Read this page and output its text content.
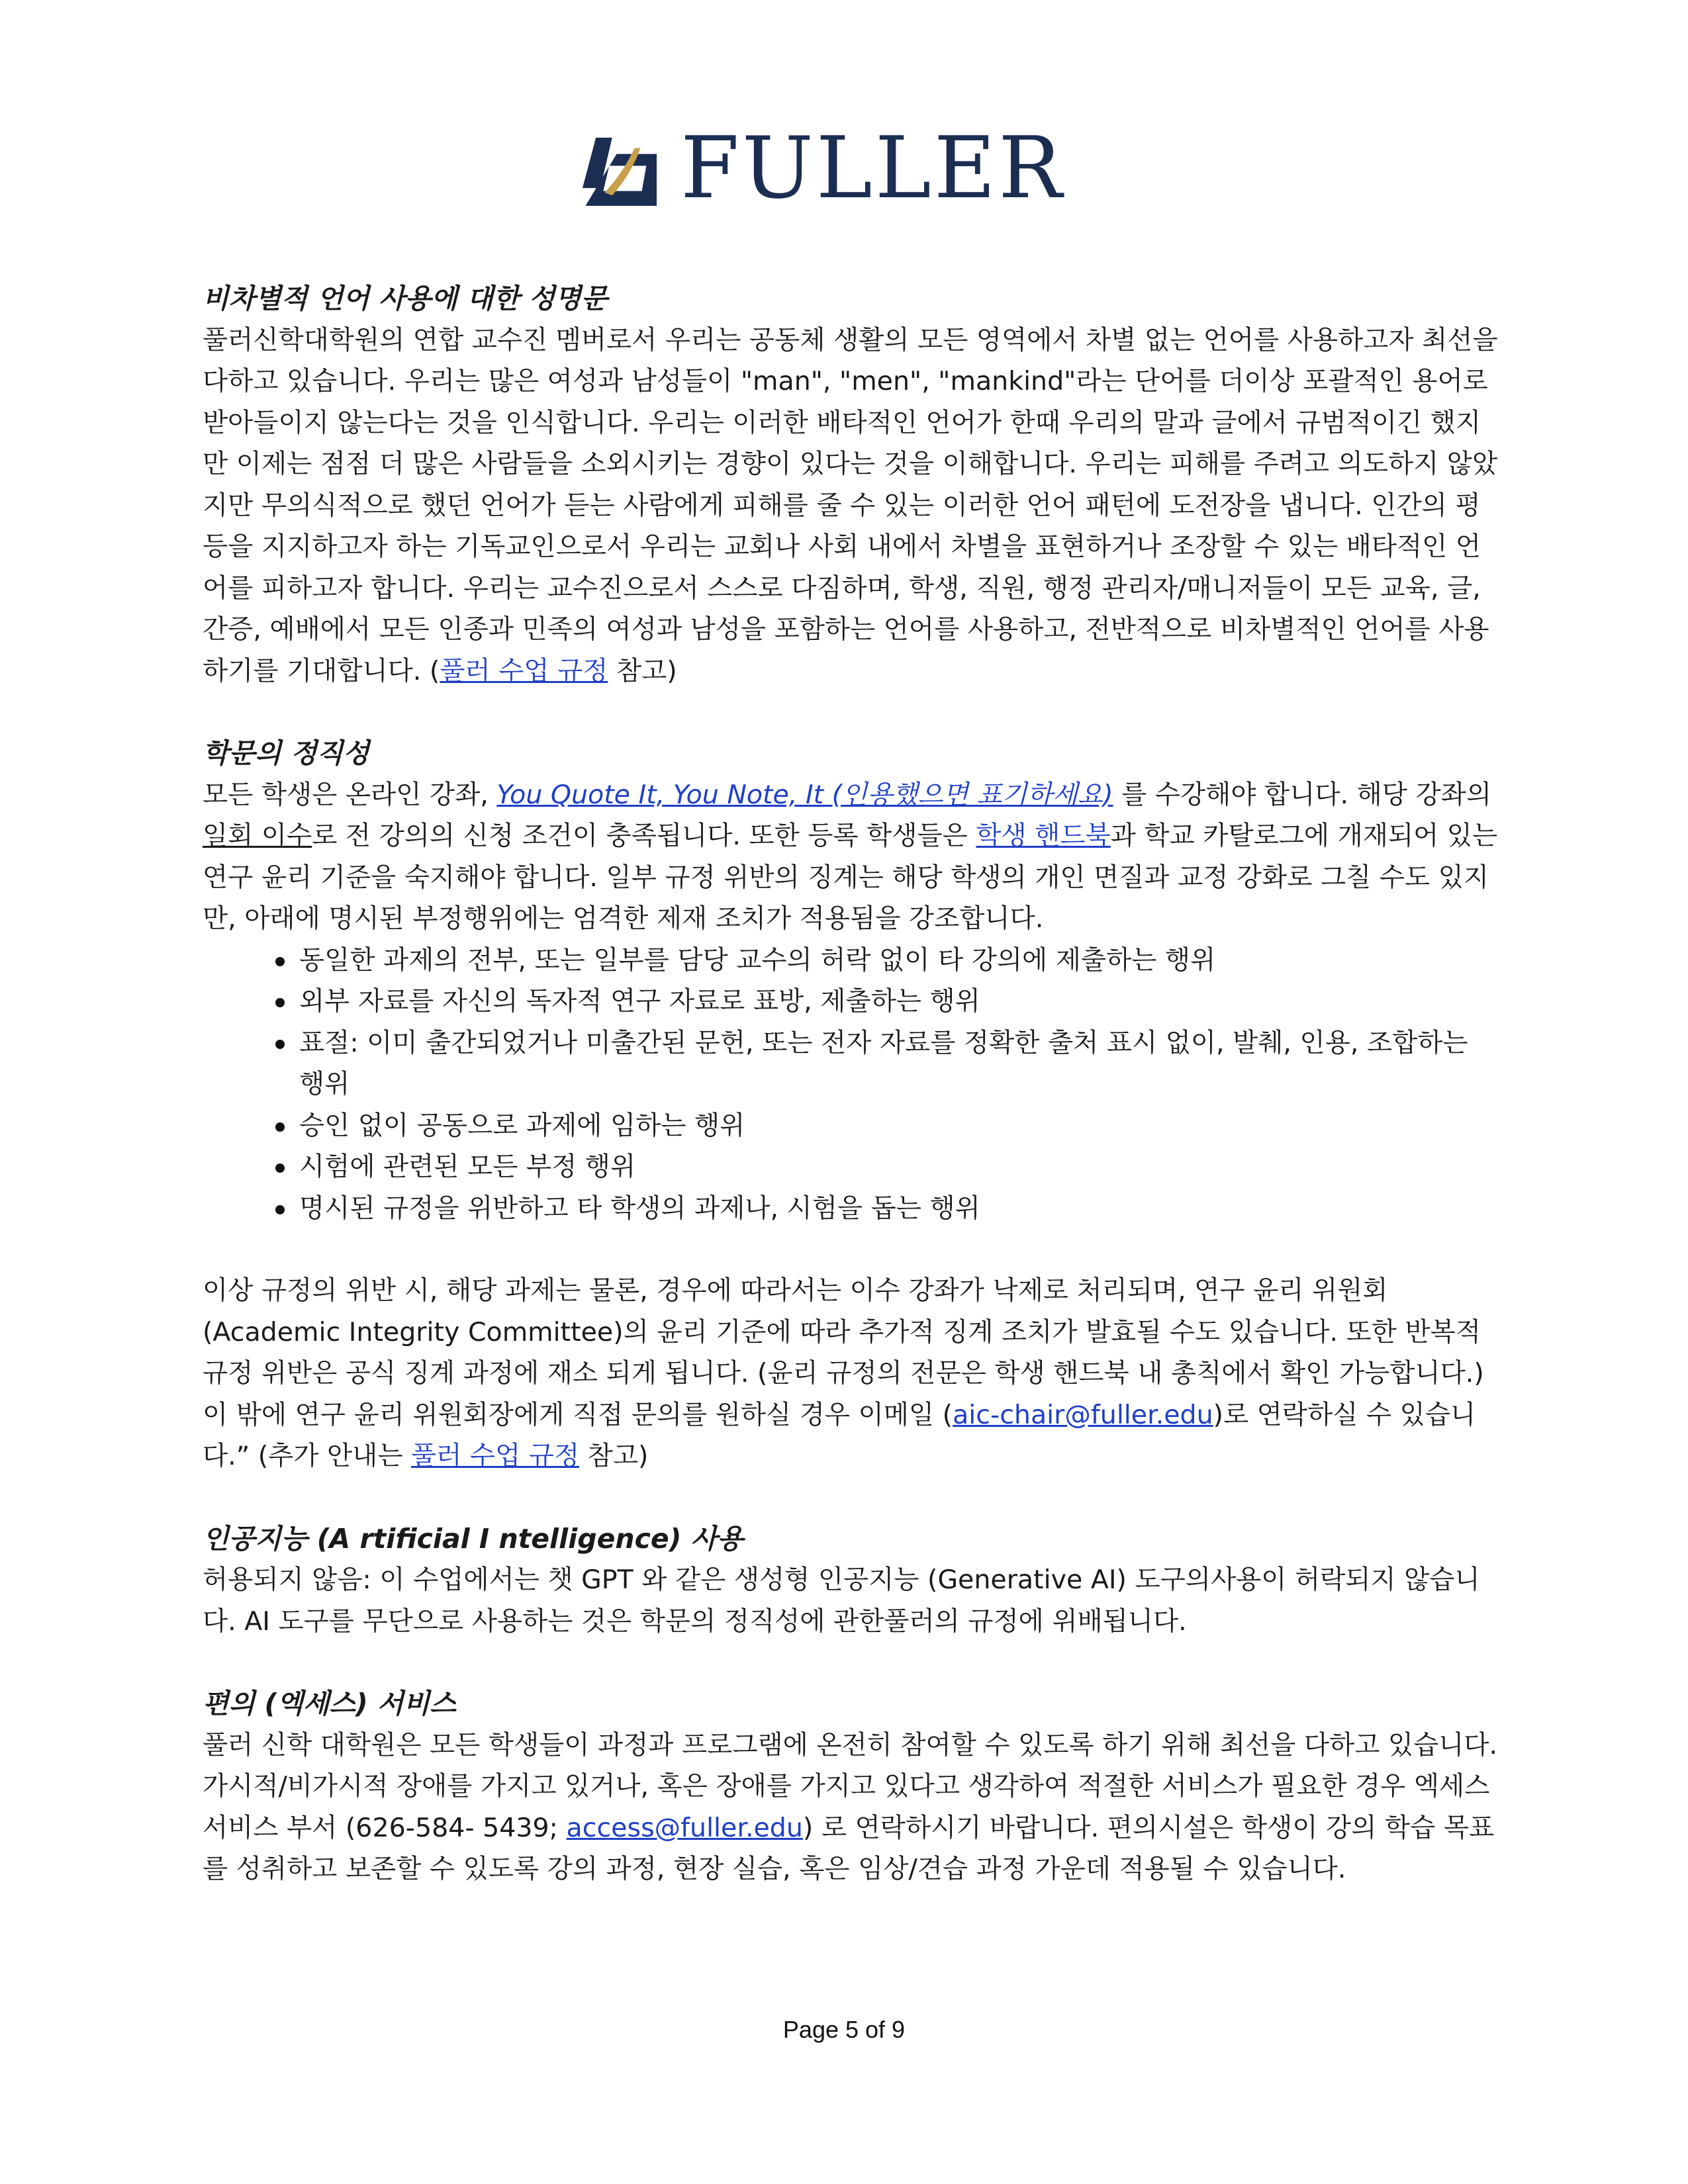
FULLER
비차별적 언어 사용에 대한 성명문

풀러신학대학원의 연합 교수진 멤버로서 우리는 공동체 생활의 모든 영역에서 차별 없는 언어를 사용하고자 최선을 다하고 있습니다. 우리는 많은 여성과 남성들이 "man", "men", "mankind"라는 단어를 더이상 포괄적인 용어로 받아들이지 않는다는 것을 인식합니다. 우리는 이러한 배타적인 언어가 한때 우리의 말과 글에서 규범적이긴 했지만 이제는 점점 더 많은 사람들을 소외시키는 경향이 있다는 것을 이해합니다. 우리는 피해를 주려고 의도하지 않았지만 무의식적으로 했던 언어가 듣는 사람에게 피해를 줄 수 있는 이러한 언어 패턴에 도전장을 냅니다. 인간의 평등을 지지하고자 하는 기독교인으로서 우리는 교회나 사회 내에서 차별을 표현하거나 조장할 수 있는 배타적인 언어를 피하고자 합니다. 우리는 교수진으로서 스스로 다짐하며, 학생, 직원, 행정 관리자/매니저들이 모든 교육, 글, 간증, 예배에서 모든 인종과 민족의 여성과 남성을 포함하는 언어를 사용하고, 전반적으로 비차별적인 언어를 사용하기를 기대합니다. (풀러 수업 규정 참고)

학문의 정직성

모든 학생은 온라인 강좌, You Quote It, You Note, It (인용했으면 표기하세요) 를 수강해야 합니다. 해당 강좌의 일회 이수로 전 강의의 신청 조건이 충족됩니다. 또한 등록 학생들은 학생 핸드북과 학교 카탈로그에 개재되어 있는 연구 윤리 기준을 숙지해야 합니다. 일부 규정 위반의 징계는 해당 학생의 개인 면질과 교정 강화로 그칠 수도 있지만, 아래에 명시된 부정행위에는 엄격한 제재 조치가 적용됨을 강조합니다.

동일한 과제의 전부, 또는 일부를 담당 교수의 허락 없이 타 강의에 제출하는 행위
외부 자료를 자신의 독자적 연구 자료로 표방, 제출하는 행위
표절: 이미 출간되었거나 미출간된 문헌, 또는 전자 자료를 정확한 출처 표시 없이, 발췌, 인용, 조합하는 행위
승인 없이 공동으로 과제에 임하는 행위
시험에 관련된 모든 부정 행위
명시된 규정을 위반하고 타 학생의 과제나, 시험을 돕는 행위

이상 규정의 위반 시, 해당 과제는 물론, 경우에 따라서는 이수 강좌가 낙제로 처리되며, 연구 윤리 위원회 (Academic Integrity Committee)의 윤리 기준에 따라 추가적 징계 조치가 발효될 수도 있습니다. 또한 반복적 규정 위반은 공식 징계 과정에 재소 되게 됩니다. (윤리 규정의 전문은 학생 핸드북 내 총칙에서 확인 가능합니다.) 이 밖에 연구 윤리 위원회장에게 직접 문의를 원하실 경우 이메일 (aic-chair@fuller.edu)로 연락하실 수 있습니다.” (추가 안내는 풀러 수업 규정 참고)

인공지능 (A rtificial I ntelligence) 사용

허용되지 않음: 이 수업에서는 챗 GPT 와 같은 생성형 인공지능 (Generative AI) 도구의사용이 허락되지 않습니다. AI 도구를 무단으로 사용하는 것은 학문의 정직성에 관한풀러의 규정에 위배됩니다.

편의 (엑세스) 서비스

풀러 신학 대학원은 모든 학생들이 과정과 프로그램에 온전히 참여할 수 있도록 하기 위해 최선을 다하고 있습니다. 가시적/비가시적 장애를 가지고 있거나, 혹은 장애를 가지고 있다고 생각하여 적절한 서비스가 필요한 경우 엑세스 서비스 부서 (626-584- 5439; access@fuller.edu) 로 연락하시기 바랍니다. 편의시설은 학생이 강의 학습 목표를 성취하고 보존할 수 있도록 강의 과정, 현장 실습, 혹은 임상/견습 과정 가운데 적용될 수 있습니다.

Page 5 of 9
